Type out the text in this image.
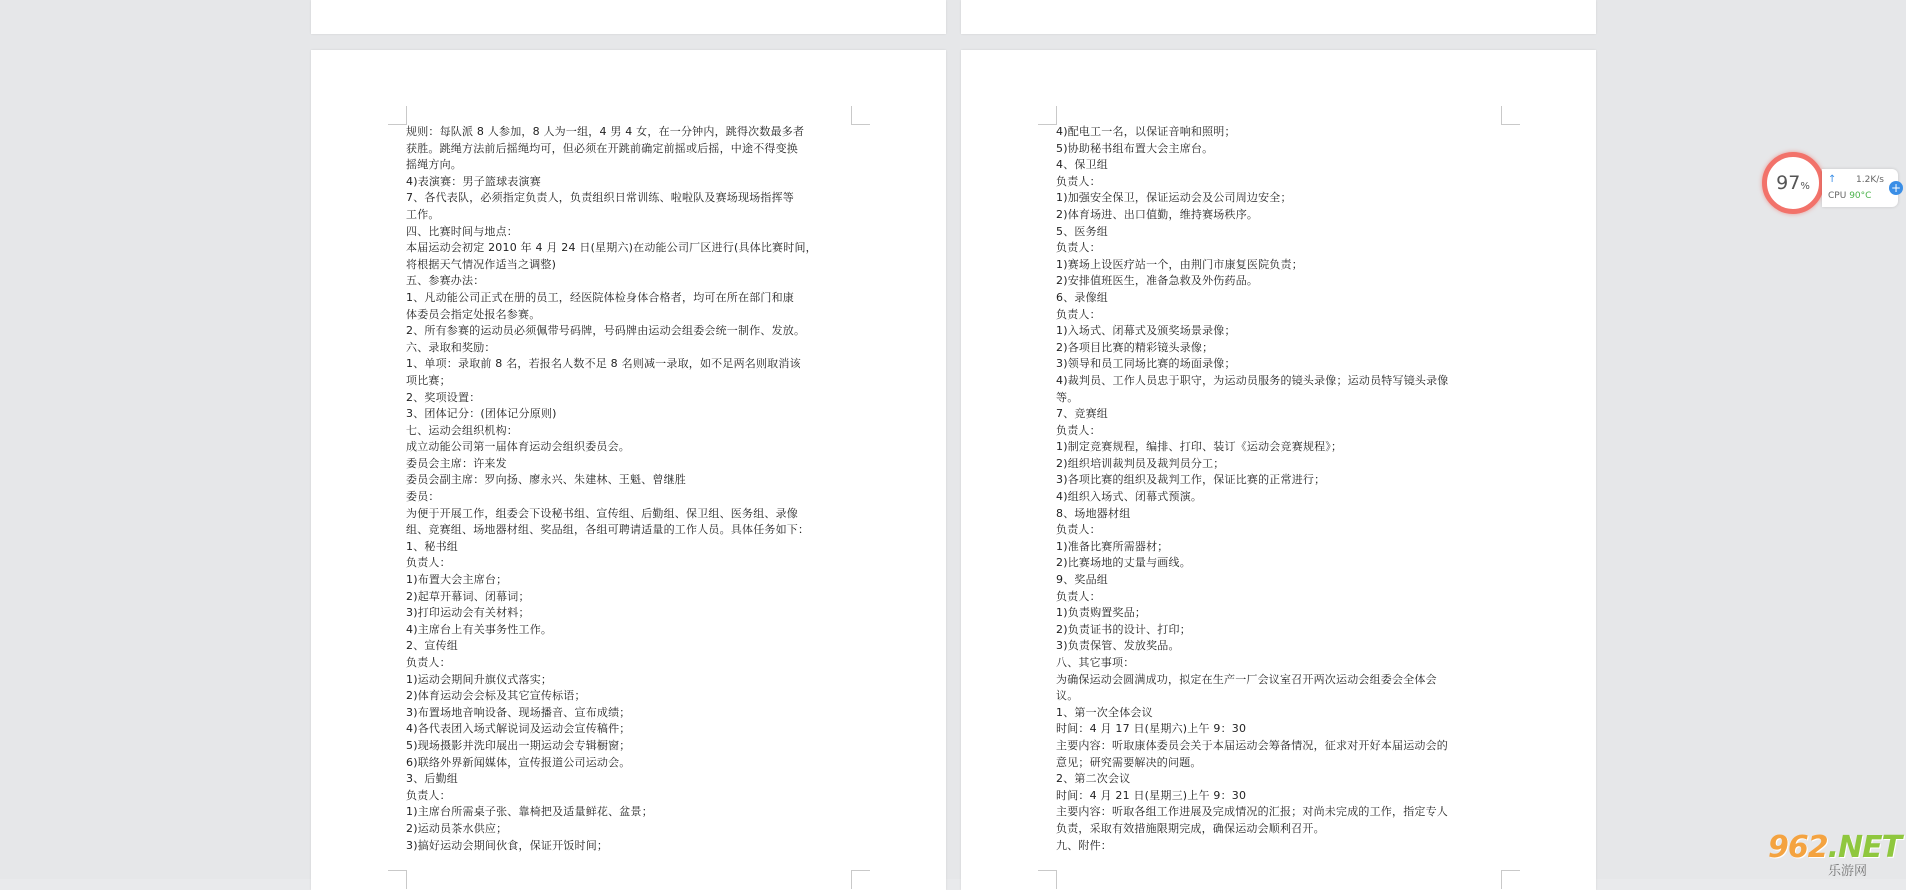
规则：每队派 8 人参加，8 人为一组，4 男 4 女，在一分钟内，跳得次数最多者
获胜。跳绳方法前后摇绳均可，但必须在开跳前确定前摇或后摇，中途不得变换
摇绳方向。
4)表演赛：男子篮球表演赛
7、各代表队，必须指定负责人，负责组织日常训练、啦啦队及赛场现场指挥等
工作。
四、比赛时间与地点：
本届运动会初定 2010 年 4 月 24 日(星期六)在动能公司厂区进行(具体比赛时间，
将根据天气情况作适当之调整)
五、参赛办法：
1、凡动能公司正式在册的员工，经医院体检身体合格者，均可在所在部门和康
体委员会指定处报名参赛。
2、所有参赛的运动员必须佩带号码牌，号码牌由运动会组委会统一制作、发放。
六、录取和奖励：
1、单项：录取前 8 名，若报名人数不足 8 名则减一录取，如不足两名则取消该
项比赛；
2、奖项设置：
3、团体记分：(团体记分原则)
七、运动会组织机构：
成立动能公司第一届体育运动会组织委员会。
委员会主席：许来发
委员会副主席：罗向扬、廖永兴、朱建林、王魁、曾继胜
委员：
为便于开展工作，组委会下设秘书组、宣传组、后勤组、保卫组、医务组、录像
组、竞赛组、场地器材组、奖品组，各组可聘请适量的工作人员。具体任务如下：
1、秘书组
负责人：
1)布置大会主席台；
2)起草开幕词、闭幕词；
3)打印运动会有关材料；
4)主席台上有关事务性工作。
2、宣传组
负责人：
1)运动会期间升旗仪式落实；
2)体育运动会会标及其它宣传标语；
3)布置场地音响设备、现场播音、宣布成绩；
4)各代表团入场式解说词及运动会宣传稿件；
5)现场摄影并洗印展出一期运动会专辑橱窗；
6)联络外界新闻媒体，宣传报道公司运动会。
3、后勤组
负责人：
1)主席台所需桌子张、靠椅把及适量鲜花、盆景；
2)运动员茶水供应；
3)搞好运动会期间伙食，保证开饭时间；
4)配电工一名，以保证音响和照明；
5)协助秘书组布置大会主席台。
4、保卫组
负责人：
1)加强安全保卫，保证运动会及公司周边安全；
2)体育场进、出口值勤，维持赛场秩序。
5、医务组
负责人：
1)赛场上设医疗站一个，由荆门市康复医院负责；
2)安排值班医生，准备急救及外伤药品。
6、录像组
负责人：
1)入场式、闭幕式及颁奖场景录像；
2)各项目比赛的精彩镜头录像；
3)领导和员工同场比赛的场面录像；
4)裁判员、工作人员忠于职守，为运动员服务的镜头录像；运动员特写镜头录像
等。
7、竞赛组
负责人：
1)制定竞赛规程，编排、打印、装订《运动会竞赛规程》；
2)组织培训裁判员及裁判员分工；
3)各项比赛的组织及裁判工作，保证比赛的正常进行；
4)组织入场式、闭幕式预演。
8、场地器材组
负责人：
1)准备比赛所需器材；
2)比赛场地的丈量与画线。
9、奖品组
负责人：
1)负责购置奖品；
2)负责证书的设计、打印；
3)负责保管、发放奖品。
八、其它事项：
为确保运动会圆满成功，拟定在生产一厂会议室召开两次运动会组委会全体会
议。
1、第一次全体会议
时间：4 月 17 日(星期六)上午 9：30
主要内容：听取康体委员会关于本届运动会筹备情况，征求对开好本届运动会的
意见；研究需要解决的问题。
2、第二次会议
时间：4 月 21 日(星期三)上午 9：30
主要内容：听取各组工作进展及完成情况的汇报；对尚未完成的工作，指定专人
负责，采取有效措施限期完成，确保运动会顺利召开。
九、附件：
97%
↑ 1.2K/s
CPU 90°C
+
962.NET
乐游网
